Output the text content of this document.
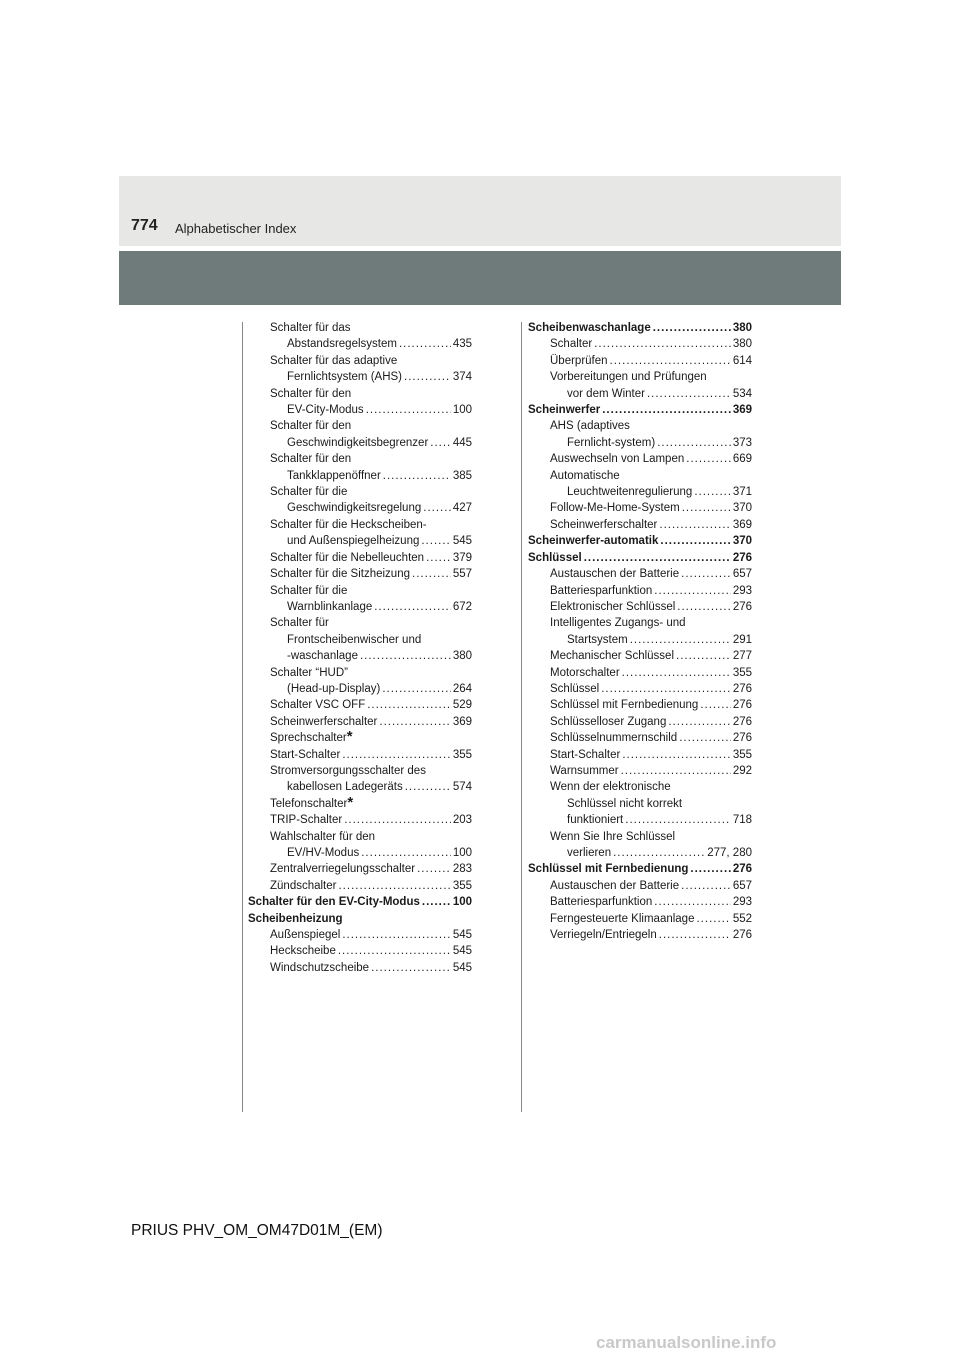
774 Alphabetischer Index
Schalter für das
Abstandsregelsystem .....	435
Schalter für das adaptive
Fernlichtsystem (AHS) .....	374
Schalter für den
EV-City-Modus .....	100
Schalter für den
Geschwindigkeitsbegrenzer ..... 445
Schalter für den
Tankklappenöffner .....	385
Schalter für die
Geschwindigkeitsregelung .....	427
Schalter für die Heckscheiben-
und Außenspiegelheizung .....	545
Schalter für die Nebelleuchten ..... 379
Schalter für die Sitzheizung .....	557
Schalter für die
Warnblinkanlage .....	672
Schalter für
Frontscheibenwischer und
-waschanlage .....	380
Schalter “HUD”
(Head-up-Display) .....	264
Schalter VSC OFF .....	529
Scheinwerferschalter .....	369
Sprechschalter *
Start-Schalter .....	355
Stromversorgungsschalter des
kabellosen Ladegeräts .....	574
Telefonschalter *
TRIP-Schalter .....	203
Wahlschalter für den
EV/HV-Modus .....	100
Zentralverriegelungsschalter .....	283
Zündschalter .....	355
Schalter für den EV-City-Modus .....	100
Scheibenheizung
Außenspiegel .....	545
Heckscheibe .....	545
Windschutzscheibe .....	545
Scheibenwaschanlage .....	380
Schalter .....	380
Überprüfen .....	614
Vorbereitungen und Prüfungen
vor dem Winter .....	534
Scheinwerfer .....	369
AHS (adaptives
Fernlicht-system) .....	373
Auswechseln von Lampen .....	669
Automatische
Leuchtweitenregulierung .....	371
Follow-Me-Home-System .....	370
Scheinwerferschalter .....	369
Scheinwerfer-automatik .....	370
Schlüssel .....	276
Austauschen der Batterie .....	657
Batteriesparfunktion .....	293
Elektronischer Schlüssel .....	276
Intelligentes Zugangs- und
Startsystem .....	291
Mechanischer Schlüssel .....	277
Motorschalter .....	355
Schlüssel .....	276
Schlüssel mit Fernbedienung .....	276
Schlüsselloser Zugang .....	276
Schlüsselnummernschild .....	276
Start-Schalter .....	355
Warnsummer .....	292
Wenn der elektronische
Schlüssel nicht korrekt
funktioniert .....	718
Wenn Sie Ihre Schlüssel
verlieren .....	277, 280
Schlüssel mit Fernbedienung .....	276
Austauschen der Batterie .....	657
Batteriesparfunktion .....	293
Ferngesteuerte Klimaanlage .....	552
Verriegeln/Entriegeln .....	276
PRIUS PHV_OM_OM47D01M_(EM)
carmanualsonline.info
